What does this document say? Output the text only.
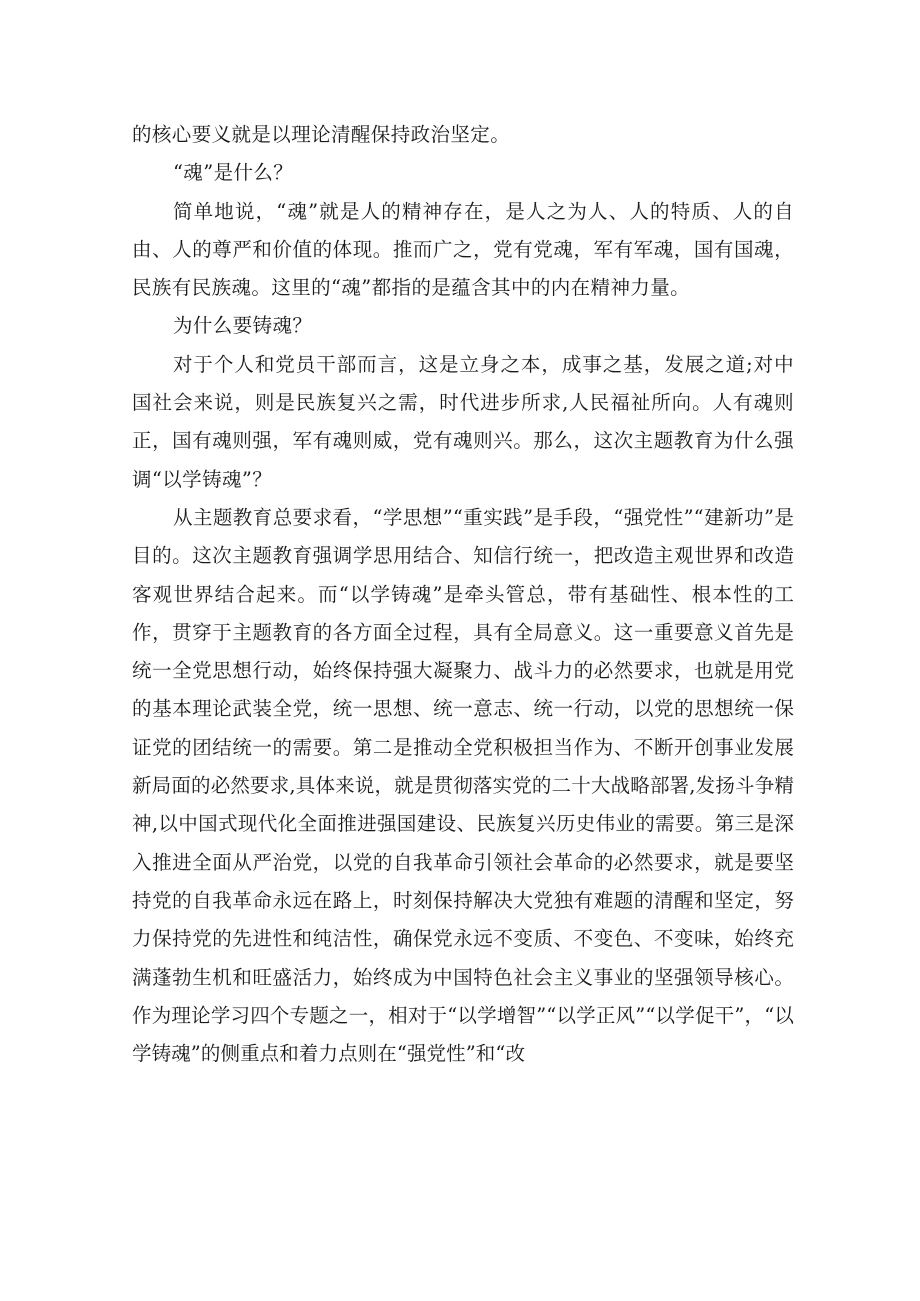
的核心要义就是以理论清醒保持政治坚定。

“魂”是什么？

简单地说，“魂”就是人的精神存在，是人之为人、人的特质、人的自由、人的尊严和价值的体现。推而广之，党有党魂，军有军魂，国有国魂，民族有民族魂。这里的“魂”都指的是蕴含其中的内在精神力量。

为什么要铸魂？

对于个人和党员干部而言，这是立身之本，成事之基，发展之道;对中国社会来说，则是民族复兴之需，时代进步所求,人民福祉所向。人有魂则正，国有魂则强，军有魂则威，党有魂则兴。那么，这次主题教育为什么强调“以学铸魂”？

从主题教育总要求看，“学思想”“重实践”是手段，“强党性”“建新功”是目的。这次主题教育强调学思用结合、知信行统一，把改造主观世界和改造客观世界结合起来。而“以学铸魂”是牵头管总，带有基础性、根本性的工作，贯穿于主题教育的各方面全过程，具有全局意义。这一重要意义首先是统一全党思想行动，始终保持强大凝聚力、战斗力的必然要求，也就是用党的基本理论武装全党，统一思想、统一意志、统一行动，以党的思想统一保证党的团结统一的需要。第二是推动全党积极担当作为、不断开创事业发展新局面的必然要求,具体来说，就是贯彻落实党的二十大战略部署,发扬斗争精神,以中国式现代化全面推进强国建设、民族复兴历史伟业的需要。第三是深入推进全面从严治党，以党的自我革命引领社会革命的必然要求，就是要坚持党的自我革命永远在路上，时刻保持解决大党独有难题的清醒和坚定，努力保持党的先进性和纯洁性，确保党永远不变质、不变色、不变味，始终充满蓬勃生机和旺盛活力，始终成为中国特色社会主义事业的坚强领导核心。作为理论学习四个专题之一，相对于“以学增智”“以学正风”“以学促干”，“以学铸魂”的侧重点和着力点则在“强党性”和“改
